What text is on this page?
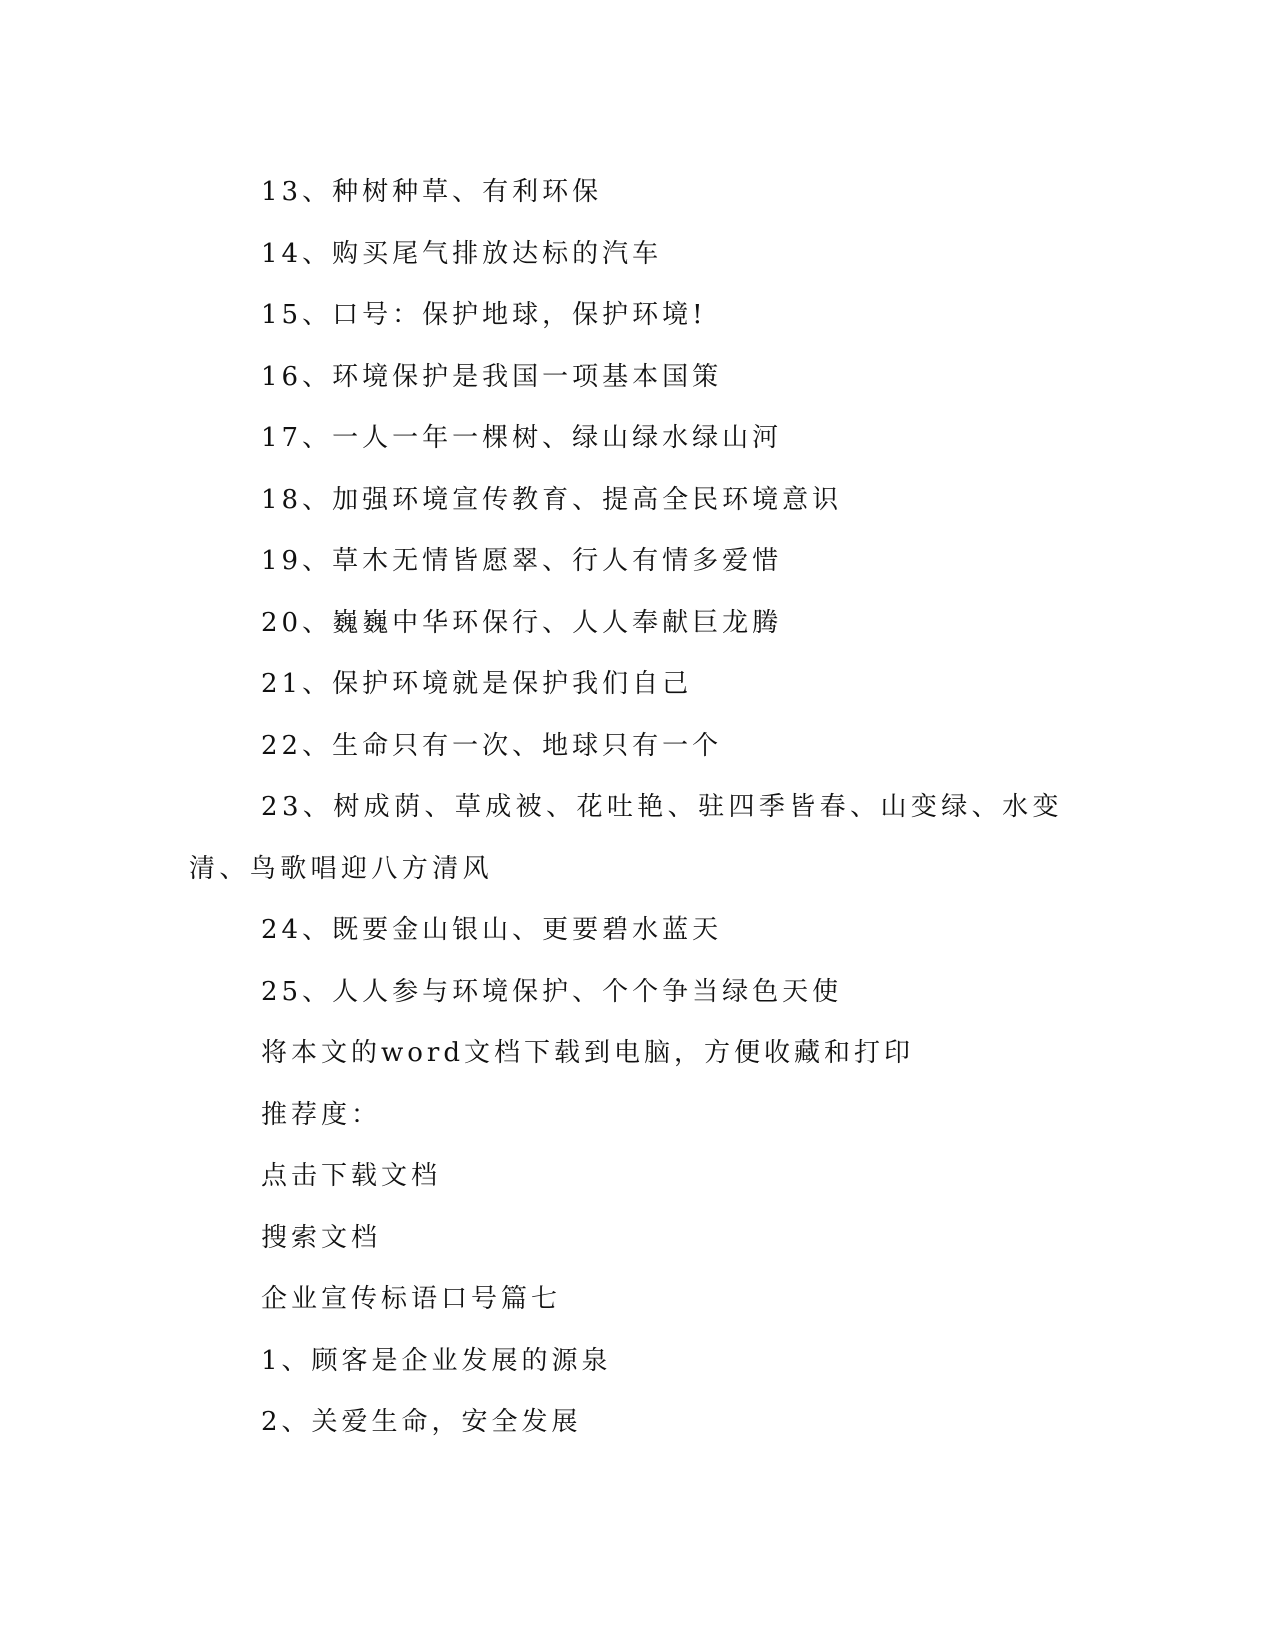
13、种树种草、有利环保

14、购买尾气排放达标的汽车

15、口号：保护地球，保护环境!

16、环境保护是我国一项基本国策

17、一人一年一棵树、绿山绿水绿山河

18、加强环境宣传教育、提高全民环境意识

19、草木无情皆愿翠、行人有情多爱惜

20、巍巍中华环保行、人人奉献巨龙腾

21、保护环境就是保护我们自己

22、生命只有一次、地球只有一个

23、树成荫、草成被、花吐艳、驻四季皆春、山变绿、水变清、鸟歌唱迎八方清风

24、既要金山银山、更要碧水蓝天

25、人人参与环境保护、个个争当绿色天使

将本文的word文档下载到电脑，方便收藏和打印

推荐度：

点击下载文档

搜索文档

企业宣传标语口号篇七

1、顾客是企业发展的源泉

2、关爱生命，安全发展
